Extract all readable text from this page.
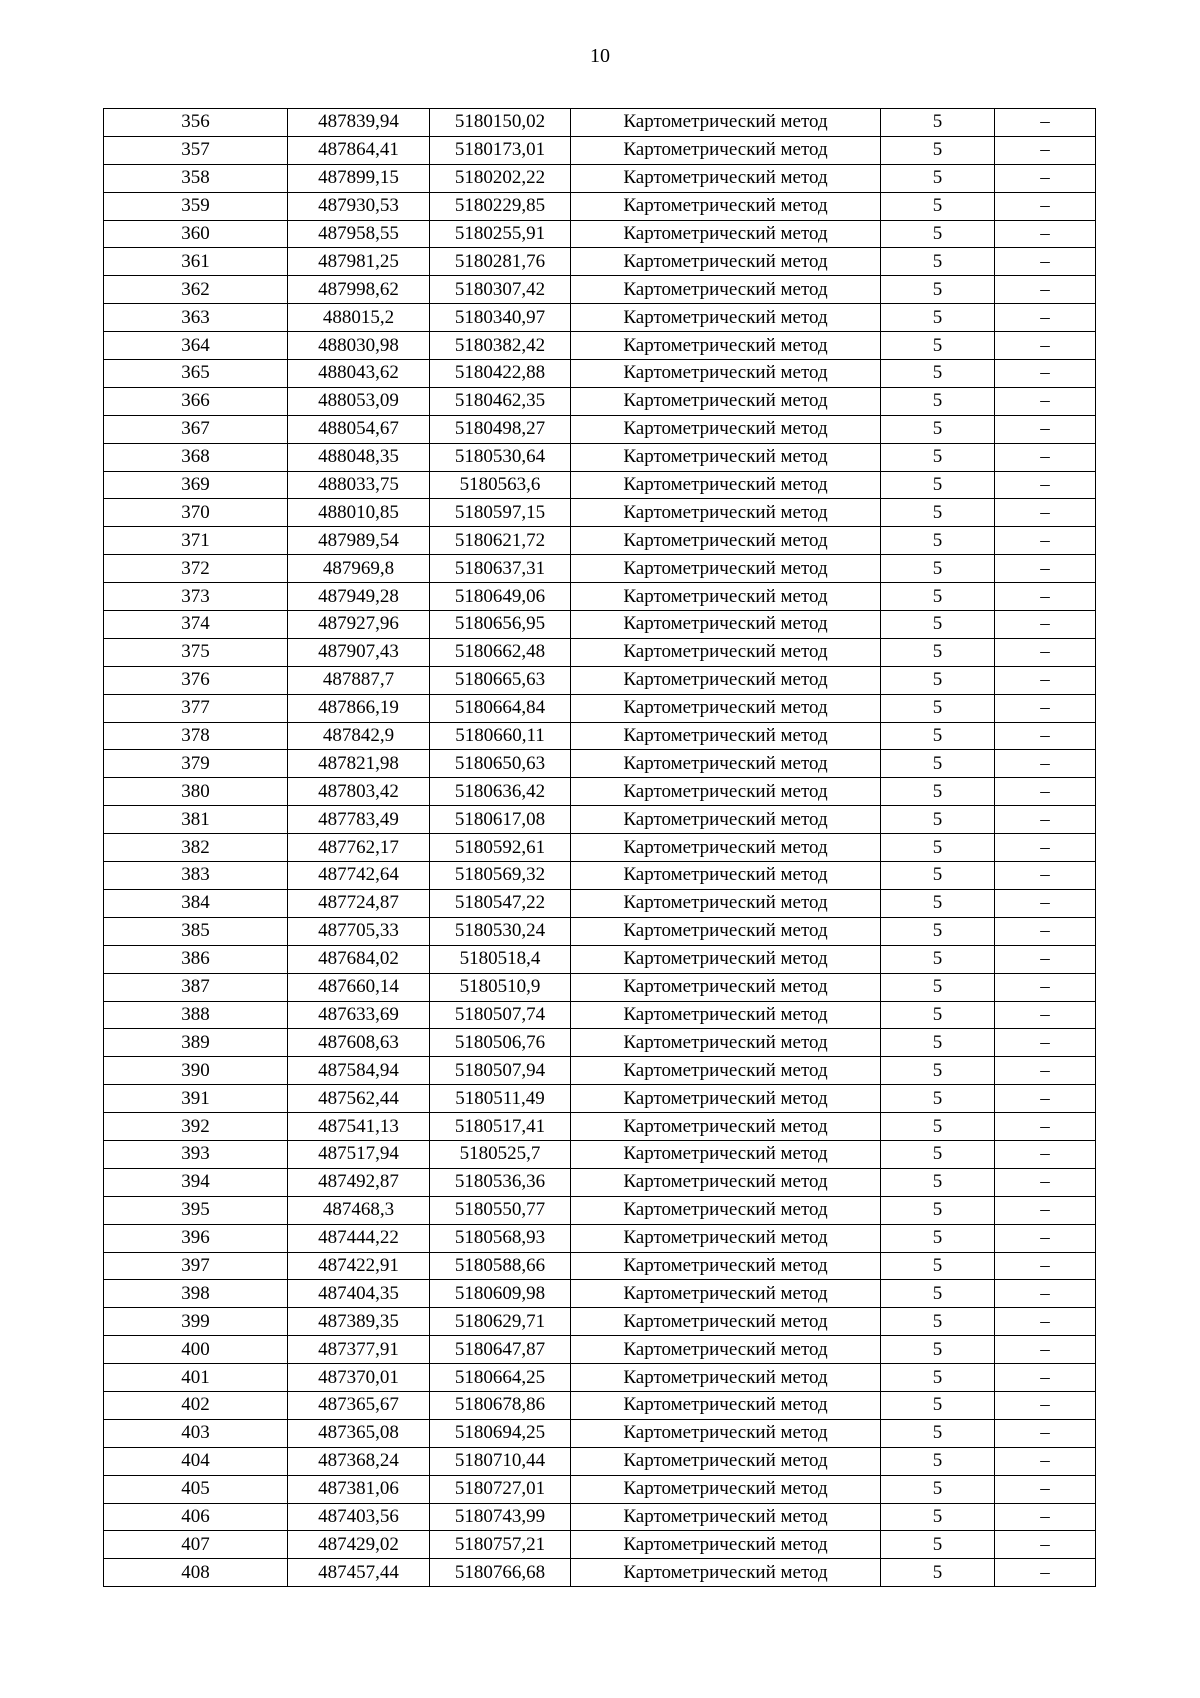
10
356	487839,94	5180150,02	Картометрический метод	5	–
357	487864,41	5180173,01	Картометрический метод	5	–
358	487899,15	5180202,22	Картометрический метод	5	–
359	487930,53	5180229,85	Картометрический метод	5	–
360	487958,55	5180255,91	Картометрический метод	5	–
361	487981,25	5180281,76	Картометрический метод	5	–
362	487998,62	5180307,42	Картометрический метод	5	–
363	488015,2	5180340,97	Картометрический метод	5	–
364	488030,98	5180382,42	Картометрический метод	5	–
365	488043,62	5180422,88	Картометрический метод	5	–
366	488053,09	5180462,35	Картометрический метод	5	–
367	488054,67	5180498,27	Картометрический метод	5	–
368	488048,35	5180530,64	Картометрический метод	5	–
369	488033,75	5180563,6	Картометрический метод	5	–
370	488010,85	5180597,15	Картометрический метод	5	–
371	487989,54	5180621,72	Картометрический метод	5	–
372	487969,8	5180637,31	Картометрический метод	5	–
373	487949,28	5180649,06	Картометрический метод	5	–
374	487927,96	5180656,95	Картометрический метод	5	–
375	487907,43	5180662,48	Картометрический метод	5	–
376	487887,7	5180665,63	Картометрический метод	5	–
377	487866,19	5180664,84	Картометрический метод	5	–
378	487842,9	5180660,11	Картометрический метод	5	–
379	487821,98	5180650,63	Картометрический метод	5	–
380	487803,42	5180636,42	Картометрический метод	5	–
381	487783,49	5180617,08	Картометрический метод	5	–
382	487762,17	5180592,61	Картометрический метод	5	–
383	487742,64	5180569,32	Картометрический метод	5	–
384	487724,87	5180547,22	Картометрический метод	5	–
385	487705,33	5180530,24	Картометрический метод	5	–
386	487684,02	5180518,4	Картометрический метод	5	–
387	487660,14	5180510,9	Картометрический метод	5	–
388	487633,69	5180507,74	Картометрический метод	5	–
389	487608,63	5180506,76	Картометрический метод	5	–
390	487584,94	5180507,94	Картометрический метод	5	–
391	487562,44	5180511,49	Картометрический метод	5	–
392	487541,13	5180517,41	Картометрический метод	5	–
393	487517,94	5180525,7	Картометрический метод	5	–
394	487492,87	5180536,36	Картометрический метод	5	–
395	487468,3	5180550,77	Картометрический метод	5	–
396	487444,22	5180568,93	Картометрический метод	5	–
397	487422,91	5180588,66	Картометрический метод	5	–
398	487404,35	5180609,98	Картометрический метод	5	–
399	487389,35	5180629,71	Картометрический метод	5	–
400	487377,91	5180647,87	Картометрический метод	5	–
401	487370,01	5180664,25	Картометрический метод	5	–
402	487365,67	5180678,86	Картометрический метод	5	–
403	487365,08	5180694,25	Картометрический метод	5	–
404	487368,24	5180710,44	Картометрический метод	5	–
405	487381,06	5180727,01	Картометрический метод	5	–
406	487403,56	5180743,99	Картометрический метод	5	–
407	487429,02	5180757,21	Картометрический метод	5	–
408	487457,44	5180766,68	Картометрический метод	5	–
